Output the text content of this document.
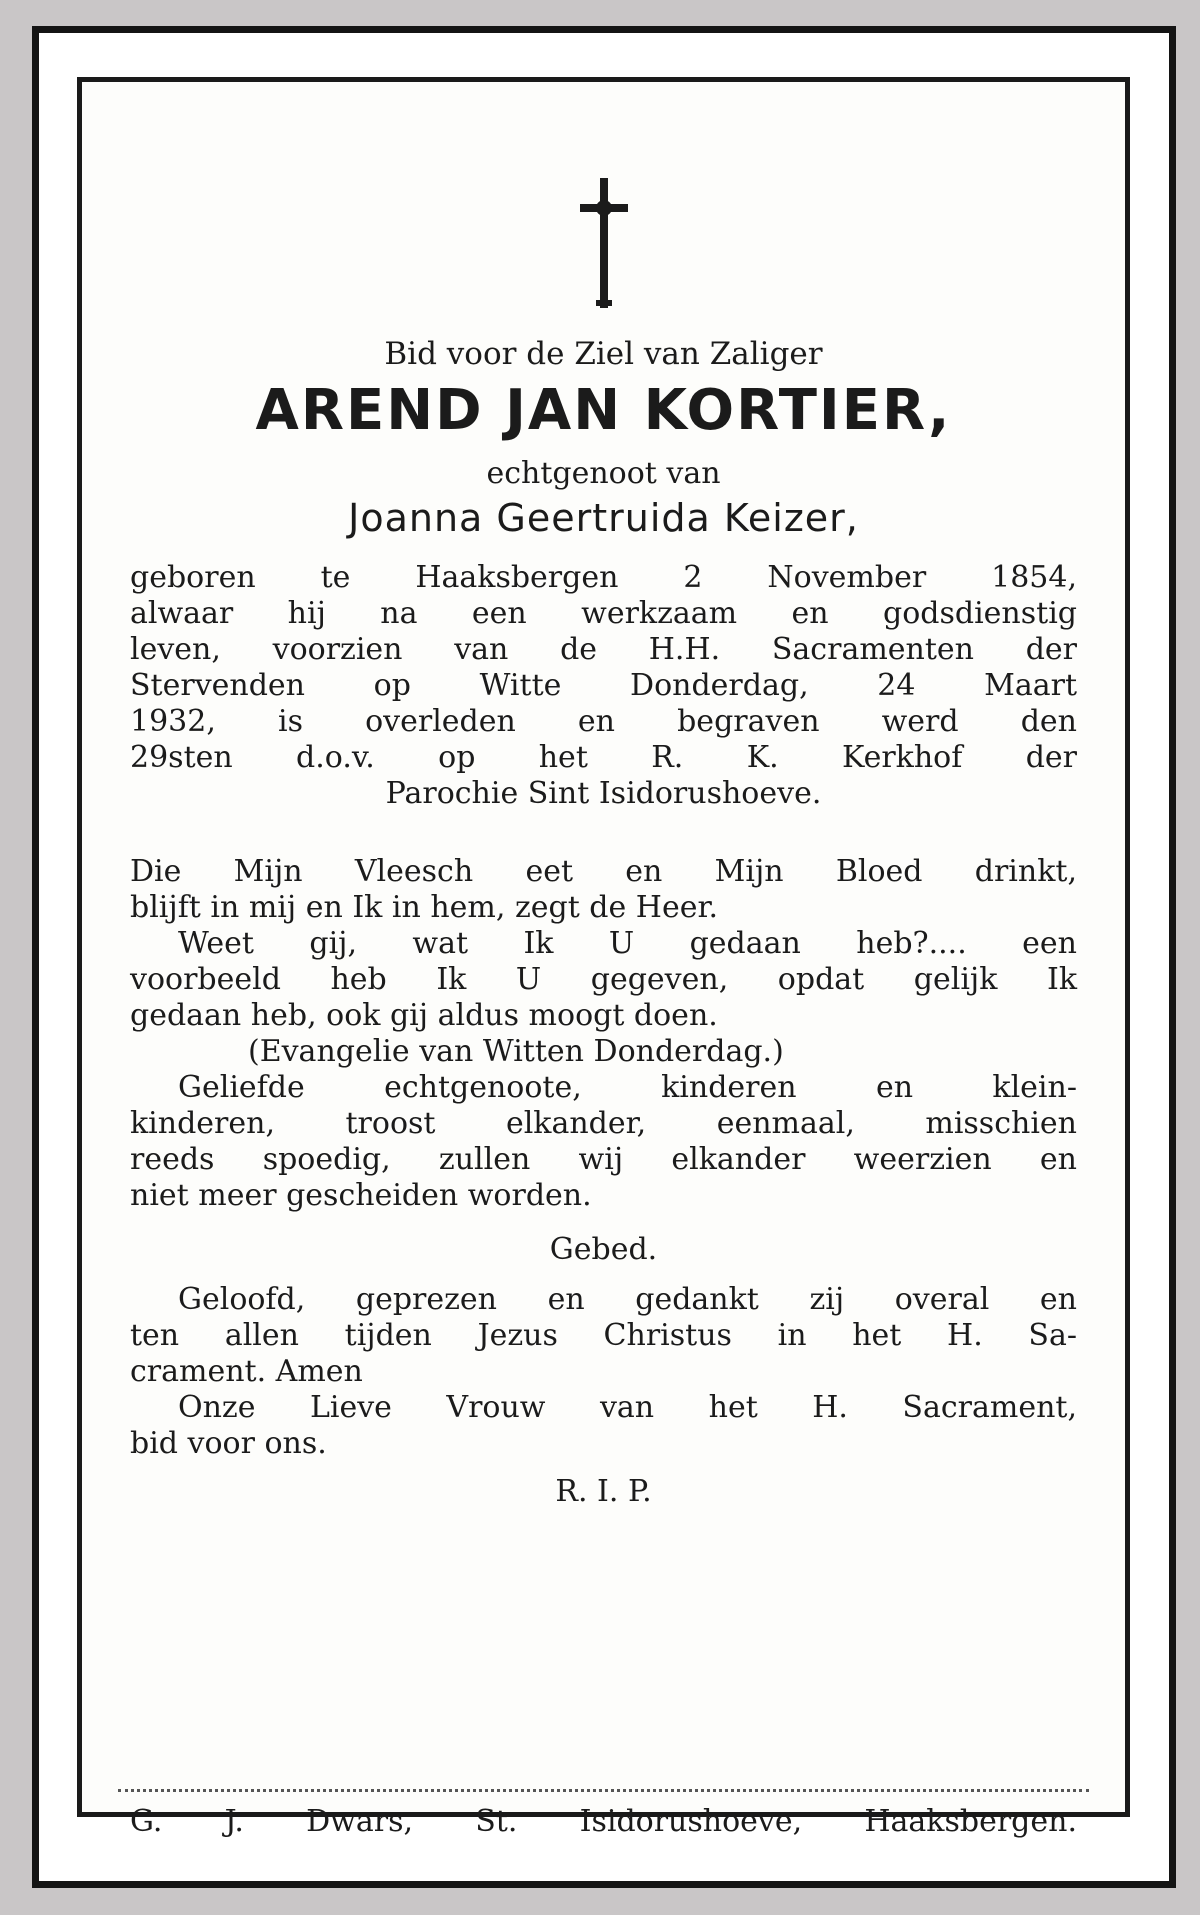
Bid voor de Ziel van Zaliger
AREND JAN KORTIER,
echtgenoot van
Joanna Geertruida Keizer,
geboren te Haaksbergen 2 November 1854,
alwaar hij na een werkzaam en godsdienstig
leven, voorzien van de H.H. Sacramenten der
Stervenden op Witte Donderdag, 24 Maart
1932, is overleden en begraven werd den
29sten d.o.v. op het R. K. Kerkhof der
Parochie Sint Isidorushoeve.
Die Mijn Vleesch eet en Mijn Bloed drinkt,
blijft in mij en Ik in hem, zegt de Heer.
Weet gij, wat Ik U gedaan heb?.... een
voorbeeld heb Ik U gegeven, opdat gelijk Ik
gedaan heb, ook gij aldus moogt doen.
(Evangelie van Witten Donderdag.)
Geliefde echtgenoote, kinderen en klein-
kinderen, troost elkander, eenmaal, misschien
reeds spoedig, zullen wij elkander weerzien en
niet meer gescheiden worden.
Gebed.
Geloofd, geprezen en gedankt zij overal en
ten allen tijden Jezus Christus in het H. Sa-
crament. Amen
Onze Lieve Vrouw van het H. Sacrament,
bid voor ons.
R. I. P.
G. J. Dwars, St. Isidorushoeve, Haaksbergen.
